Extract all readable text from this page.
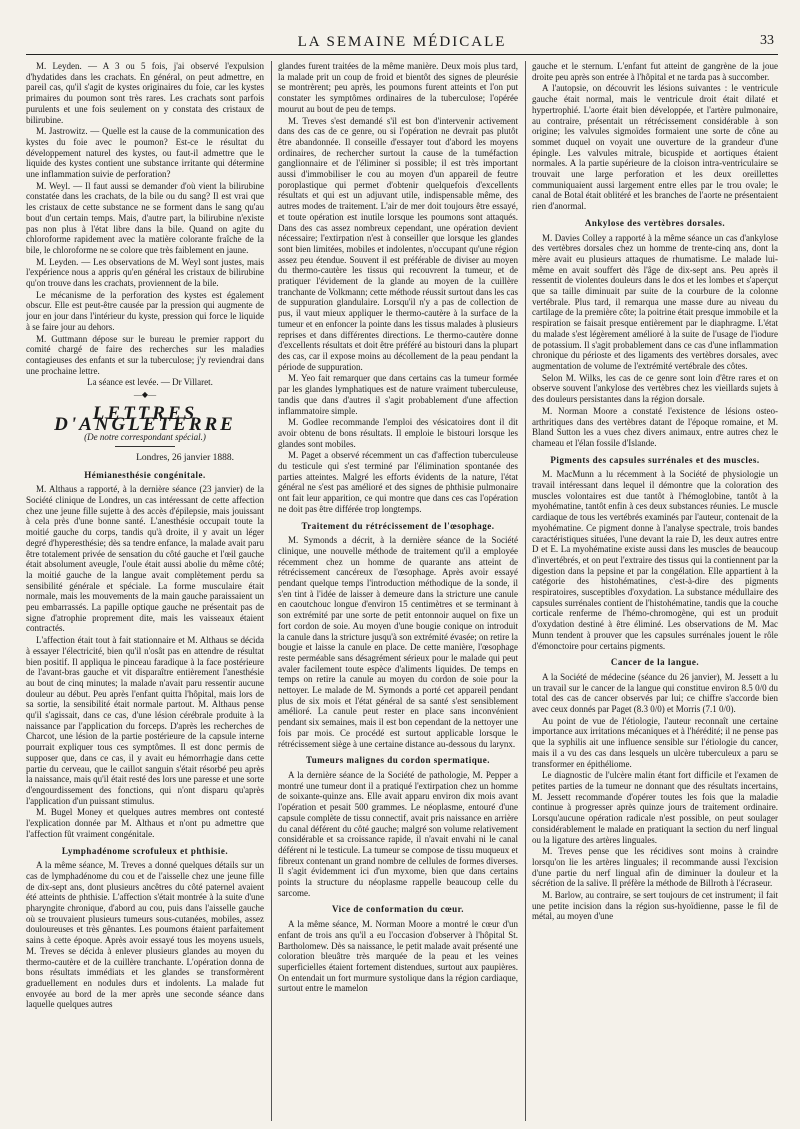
LA SEMAINE MÉDICALE	33

M. Leyden. — A 3 ou 5 fois, j'ai observé l'expulsion d'hydatides dans les crachats. En général, on peut admettre, en pareil cas, qu'il s'agit de kystes originaires du foie, car les kystes primaires du poumon sont très rares. Les crachats sont parfois purulents et une fois seulement on y constata des cristaux de bilirubine.

M. Jastrowitz. — Quelle est la cause de la communication des kystes du foie avec le poumon? Est-ce le résultat du développement naturel des kystes, ou faut-il admettre que le liquide des kystes contient une substance irritante qui détermine une inflammation suivie de perforation?

M. Weyl. — Il faut aussi se demander d'où vient la bilirubine constatée dans les crachats, de la bile ou du sang? Il est vrai que les cristaux de cette substance ne se forment dans le sang qu'au bout d'un certain temps. Mais, d'autre part, la bilirubine n'existe pas non plus à l'état libre dans la bile. Quand on agite du chloroforme rapidement avec la matière colorante fraîche de la bile, le chloroforme ne se colore que très faiblement en jaune.

M. Leyden. — Les observations de M. Weyl sont justes, mais l'expérience nous a appris qu'en général les cristaux de bilirubine qu'on trouve dans les crachats, proviennent de la bile.

Le mécanisme de la perforation des kystes est également obscur. Elle est peut-être causée par la pression qui augmente de jour en jour dans l'intérieur du kyste, pression qui force le liquide à se faire jour au dehors.

M. Guttmann dépose sur le bureau le premier rapport du comité chargé de faire des recherches sur les maladies contagieuses des enfants et sur la tuberculose; j'y reviendrai dans une prochaine lettre.

La séance est levée. — Dr Villaret.

—◆—
LETTRES D'ANGLETERRE
(De notre correspondant spécial.)
Londres, 26 janvier 1888.
Hémianesthésie congénitale.

M. Althaus a rapporté, à la dernière séance (23 janvier) de la Société clinique de Londres, un cas intéressant de cette affection chez une jeune fille sujette à des accès d'épilepsie, mais jouissant à cela près d'une bonne santé. L'anesthésie occupait toute la moitié gauche du corps, tandis qu'à droite, il y avait un léger degré d'hyperesthésie; dès sa tendre enfance, la malade avait paru être totalement privée de sensation du côté gauche et l'œil gauche était absolument aveugle, l'oule était aussi abolie du même côté; la moitié gauche de la langue avait complètement perdu sa sensibilité générale et spéciale. La forme musculaire était normale, mais les mouvements de la main gauche paraissaient un peu embarrassés. La papille optique gauche ne présentait pas de signe d'atrophie proprement dite, mais les vaisseaux étaient contractés.

L'affection était tout à fait stationnaire et M. Althaus se décida à essayer l'électricité, bien qu'il n'osât pas en attendre de résultat bien positif. Il appliqua le pinceau faradique à la face postérieure de l'avant-bras gauche et vit disparaître entièrement l'anesthésie au bout de cinq minutes; la malade n'avait paru ressentir aucune douleur au début. Peu après l'enfant quitta l'hôpital, mais lors de sa sortie, la sensibilité était normale partout. M. Althaus pense qu'il s'agissait, dans ce cas, d'une lésion cérébrale produite à la naissance par l'application du forceps. D'après les recherches de Charcot, une lésion de la partie postérieure de la capsule interne pourrait expliquer tous ces symptômes. Il est donc permis de supposer que, dans ce cas, il y avait eu hémorrhagie dans cette partie du cerveau, que le caillot sanguin s'était résorbé peu après la naissance, mais qu'il était resté des lors une paresse et une sorte d'engourdissement des fonctions, qui n'ont disparu qu'après l'application d'un puissant stimulus.

M. Bugel Money et quelques autres membres ont contesté l'explication donnée par M. Althaus et n'ont pu admettre que l'affection fût vraiment congénitale.

Lymphadénome scrofuleux et phthisie.

A la même séance, M. Treves a donné quelques détails sur un cas de lymphadénome du cou et de l'aisselle chez une jeune fille de dix-sept ans, dont plusieurs ancêtres du côté paternel avaient été atteints de phthisie. L'affection s'était montrée à la suite d'une pharyngite chronique, d'abord au cou, puis dans l'aisselle gauche où se trouvaient plusieurs tumeurs sous-cutanées, mobiles, assez douloureuses et très gênantes. Les poumons étaient parfaitement sains à cette époque. Après avoir essayé tous les moyens usuels, M. Treves se décida à enlever plusieurs glandes au moyen du thermo-cautère et de la cuillère tranchante. L'opération donna de bons résultats immédiats et les glandes se transformèrent graduellement en nodules durs et indolents. La malade fut envoyée au bord de la mer après une seconde séance dans laquelle quelques autres

glandes furent traitées de la même manière. Deux mois plus tard, la malade prit un coup de froid et bientôt des signes de pleurésie se montrèrent; peu après, les poumons furent atteints et l'on put constater les symptômes ordinaires de la tuberculose; l'opérée mourut au bout de peu de temps.

M. Treves s'est demandé s'il est bon d'intervenir activement dans des cas de ce genre, ou si l'opération ne devrait pas plutôt être abandonnée. Il conseille d'essayer tout d'abord les moyens ordinaires, de rechercher surtout la cause de la tuméfaction ganglionnaire et de l'éliminer si possible; il est très important aussi d'immobiliser le cou au moyen d'un appareil de feutre poroplastique qui permet d'obtenir quelquefois d'excellents résultats et qui est un adjuvant utile, indispensable même, des autres modes de traitement. L'air de mer doit toujours être essayé, et toute opération est inutile lorsque les poumons sont attaqués. Dans des cas assez nombreux cependant, une opération devient nécessaire; l'extirpation n'est à conseiller que lorsque les glandes sont bien limitées, mobiles et indolentes, n'occupant qu'une région assez peu étendue. Souvent il est préférable de diviser au moyen du thermo-cautère les tissus qui recouvrent la tumeur, et de pratiquer l'évidement de la glande au moyen de la cuillère tranchante de Volkmann; cette méthode réussit surtout dans les cas de suppuration glandulaire. Lorsqu'il n'y a pas de collection de pus, il vaut mieux appliquer le thermo-cautère à la surface de la tumeur et en enfoncer la pointe dans les tissus malades à plusieurs reprises et dans différentes directions. Le thermo-cautère donne d'excellents résultats et doit être préféré au bistouri dans la plupart des cas, car il expose moins au décollement de la peau pendant la période de suppuration.

M. Yeo fait remarquer que dans certains cas la tumeur formée par les glandes lymphatiques est de nature vraiment tuberculeuse, tandis que dans d'autres il s'agit probablement d'une affection inflammatoire simple.

M. Godlee recommande l'emploi des vésicatoires dont il dit avoir obtenu de bons résultats. Il emploie le bistouri lorsque les glandes sont mobiles.

M. Paget a observé récemment un cas d'affection tuberculeuse du testicule qui s'est terminé par l'élimination spontanée des parties atteintes. Malgré les efforts évidents de la nature, l'état général ne s'est pas amélioré et des signes de phthisie pulmonaire ont fait leur apparition, ce qui montre que dans ces cas l'opération ne doit pas être différée trop longtemps.

Traitement du rétrécissement de l'œsophage.

M. Symonds a décrit, à la dernière séance de la Société clinique, une nouvelle méthode de traitement qu'il a employée récemment chez un homme de quarante ans atteint de rétrécissement cancéreux de l'œsophage. Après avoir essayé pendant quelque temps l'introduction méthodique de la sonde, il s'en tint à l'idée de laisser à demeure dans la stricture une canule en caoutchouc longue d'environ 15 centimètres et se terminant à son extrémité par une sorte de petit entonnoir auquel on fixe un fort cordon de soie. Au moyen d'une bougie conique on introduit la canule dans la stricture jusqu'à son extrémité évasée; on retire la bougie et laisse la canule en place. De cette manière, l'œsophage reste perméable sans désagrément sérieux pour le malade qui peut avaler facilement toute espèce d'aliments liquides. De temps en temps on retire la canule au moyen du cordon de soie pour la nettoyer. Le malade de M. Symonds a porté cet appareil pendant plus de six mois et l'état général de sa santé s'est sensiblement amélioré. La canule peut rester en place sans inconvénient pendant six semaines, mais il est bon cependant de la nettoyer une fois par mois. Ce procédé est surtout applicable lorsque le rétrécissement siège à une certaine distance au-dessous du larynx.

Tumeurs malignes du cordon spermatique.

A la dernière séance de la Société de pathologie, M. Pepper a montré une tumeur dont il a pratiqué l'extirpation chez un homme de soixante-quinze ans. Elle avait apparu environ dix mois avant l'opération et pesait 500 grammes. Le néoplasme, entouré d'une capsule complète de tissu connectif, avait pris naissance en arrière du canal déférent du côté gauche; malgré son volume relativement considérable et sa croissance rapide, il n'avait envahi ni le canal déférent ni le testicule. La tumeur se compose de tissu muqueux et fibreux contenant un grand nombre de cellules de formes diverses. Il s'agit évidemment ici d'un myxome, bien que dans certains points la structure du néoplasme rappelle beaucoup celle du sarcome.

Vice de conformation du cœur.

A la même séance, M. Norman Moore a montré le cœur d'un enfant de trois ans qu'il a eu l'occasion d'observer à l'hôpital St. Bartholomew. Dès sa naissance, le petit malade avait présenté une coloration bleuâtre très marquée de la peau et les veines superficielles étaient fortement distendues, surtout aux paupières. On entendait un fort murmure systolique dans la région cardiaque, surtout entre le mamelon

gauche et le sternum. L'enfant fut atteint de gangrène de la joue droite peu après son entrée à l'hôpital et ne tarda pas à succomber.

A l'autopsie, on découvrit les lésions suivantes : le ventricule gauche était normal, mais le ventricule droit était dilaté et hypertrophié. L'aorte était bien développée, et l'artère pulmonaire, au contraire, présentait un rétrécissement considérable à son origine; les valvules sigmoïdes formaient une sorte de cône au sommet duquel on voyait une ouverture de la grandeur d'une épingle. Les valvules mitrale, bicuspide et aortiques étaient normales. A la partie supérieure de la cloison intra-ventriculaire se trouvait une large perforation et les deux oreillettes communiquaient aussi largement entre elles par le trou ovale; le canal de Botal était oblitéré et les branches de l'aorte ne présentaient rien d'anormal.

Ankylose des vertèbres dorsales.

M. Davies Colley a rapporté à la même séance un cas d'ankylose des vertèbres dorsales chez un homme de trente-cinq ans, dont la mère avait eu plusieurs attaques de rhumatisme. Le malade lui-même en avait souffert dès l'âge de dix-sept ans. Peu après il ressentit de violentes douleurs dans le dos et les lombes et s'aperçut que sa taille diminuait par suite de la courbure de la colonne vertébrale. Plus tard, il remarqua une masse dure au niveau du cartilage de la première côte; la poitrine était presque immobile et la respiration se faisait presque entièrement par le diaphragme. L'état du malade s'est légèrement amélioré à la suite de l'usage de l'iodure de potassium. Il s'agit probablement dans ce cas d'une inflammation chronique du périoste et des ligaments des vertèbres dorsales, avec augmentation de volume de l'extrémité vertébrale des côtes.

Selon M. Wilks, les cas de ce genre sont loin d'être rares et on observe souvent l'ankylose des vertèbres chez les vieillards sujets à des douleurs persistantes dans la région dorsale.

M. Norman Moore a constaté l'existence de lésions osteo-arthritiques dans des vertèbres datant de l'époque romaine, et M. Bland Sutton les a vues chez divers animaux, entre autres chez le chameau et l'élan fossile d'Islande.

Pigments des capsules surrénales et des muscles.

M. MacMunn a lu récemment à la Société de physiologie un travail intéressant dans lequel il démontre que la coloration des muscles volontaires est due tantôt à l'hémoglobine, tantôt à la myohématine, tantôt enfin à ces deux substances réunies. Le muscle cardiaque de tous les vertébrés examinés par l'auteur, contenait de la myohématine. Ce pigment donne à l'analyse spectrale, trois bandes caractéristiques situées, l'une devant la raie D, les deux autres entre D et E. La myohématine existe aussi dans les muscles de beaucoup d'invertébrés, et on peut l'extraire des tissus qui la contiennent par la digestion dans la pepsine et par la congélation. Elle appartient à la catégorie des histohématines, c'est-à-dire des pigments respiratoires, susceptibles d'oxydation. La substance médullaire des capsules surrénales contient de l'histohématine, tandis que la couche corticale renferme de l'hémo-chromogène, qui est un produit d'oxydation destiné à être éliminé. Les observations de M. Mac Munn tendent à prouver que les capsules surrénales jouent le rôle d'émonctoire pour certains pigments.

Cancer de la langue.

A la Société de médecine (séance du 26 janvier), M. Jessett a lu un travail sur le cancer de la langue qui constitue environ 8.5 0/0 du total des cas de cancer observés par lui; ce chiffre s'accorde bien avec ceux donnés par Paget (8.3 0/0) et Morris (7.1 0/0).

Au point de vue de l'étiologie, l'auteur reconnaît une certaine importance aux irritations mécaniques et à l'hérédité; il ne pense pas que la syphilis ait une influence sensible sur l'étiologie du cancer, mais il a vu des cas dans lesquels un ulcère tuberculeux a paru se transformer en épithéliome.

Le diagnostic de l'ulcère malin étant fort difficile et l'examen de petites parties de la tumeur ne donnant que des résultats incertains, M. Jessett recommande d'opérer toutes les fois que la maladie continue à progresser après quinze jours de traitement ordinaire. Lorsqu'aucune opération radicale n'est possible, on peut soulager considérablement le malade en pratiquant la section du nerf lingual ou la ligature des artères linguales.

M. Treves pense que les récidives sont moins à craindre lorsqu'on lie les artères linguales; il recommande aussi l'excision d'une partie du nerf lingual afin de diminuer la douleur et la sécrétion de la salive. Il préfère la méthode de Billroth à l'écraseur.

M. Barlow, au contraire, se sert toujours de cet instrument; il fait une petite incision dans la région sus-hyoïdienne, passe le fil de métal, au moyen d'une
